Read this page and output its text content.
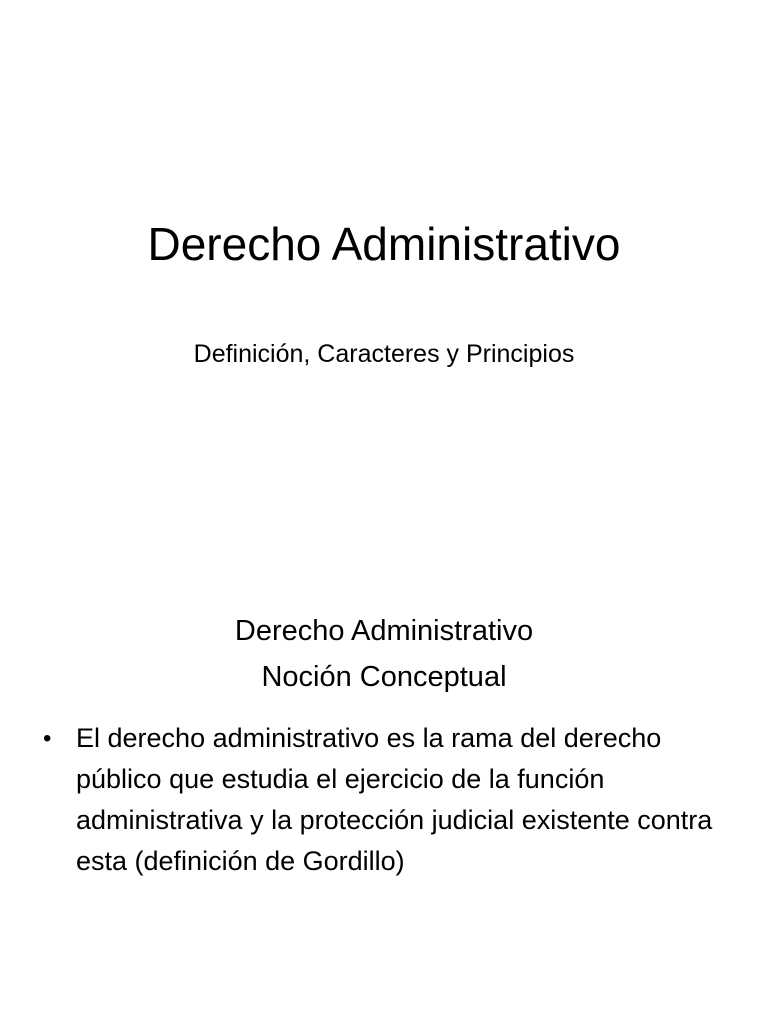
Derecho Administrativo
Definición, Caracteres y Principios
Derecho Administrativo
Noción Conceptual
• El derecho administrativo es la rama del derecho público que estudia el ejercicio de la función administrativa y la protección judicial existente contra esta (definición de Gordillo)
